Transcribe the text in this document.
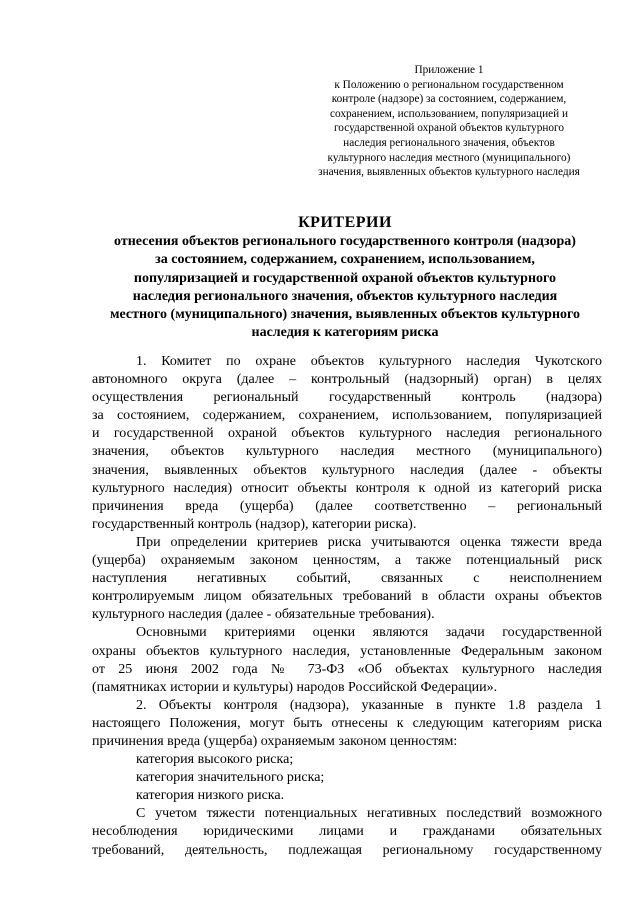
Приложение 1
к Положению о региональном государственном
контроле (надзоре) за состоянием, содержанием,
сохранением, использованием, популяризацией и
государственной охраной объектов культурного
наследия регионального значения, объектов
культурного наследия местного (муниципального)
значения, выявленных объектов культурного наследия
КРИТЕРИИ
отнесения объектов регионального государственного контроля (надзора)
за состоянием, содержанием, сохранением, использованием,
популяризацией и государственной охраной объектов культурного
наследия регионального значения, объектов культурного наследия
местного (муниципального) значения, выявленных объектов культурного
наследия к категориям риска
1. Комитет по охране объектов культурного наследия Чукотского
автономного округа (далее – контрольный (надзорный) орган) в целях
осуществления региональный государственный контроль (надзора)
за состоянием, содержанием, сохранением, использованием, популяризацией
и государственной охраной объектов культурного наследия регионального
значения, объектов культурного наследия местного (муниципального)
значения, выявленных объектов культурного наследия (далее - объекты
культурного наследия) относит объекты контроля к одной из категорий риска
причинения вреда (ущерба) (далее соответственно – региональный
государственный контроль (надзор), категории риска).
При определении критериев риска учитываются оценка тяжести вреда
(ущерба) охраняемым законом ценностям, а также потенциальный риск
наступления негативных событий, связанных с неисполнением
контролируемым лицом обязательных требований в области охраны объектов
культурного наследия (далее - обязательные требования).
Основными критериями оценки являются задачи государственной
охраны объектов культурного наследия, установленные Федеральным законом
от 25 июня 2002 года № 73-ФЗ «Об объектах культурного наследия
(памятниках истории и культуры) народов Российской Федерации».
2. Объекты контроля (надзора), указанные в пункте 1.8 раздела 1
настоящего Положения, могут быть отнесены к следующим категориям риска
причинения вреда (ущерба) охраняемым законом ценностям:
категория высокого риска;
категория значительного риска;
категория низкого риска.
С учетом тяжести потенциальных негативных последствий возможного
несоблюдения юридическими лицами и гражданами обязательных
требований, деятельность, подлежащая региональному государственному
